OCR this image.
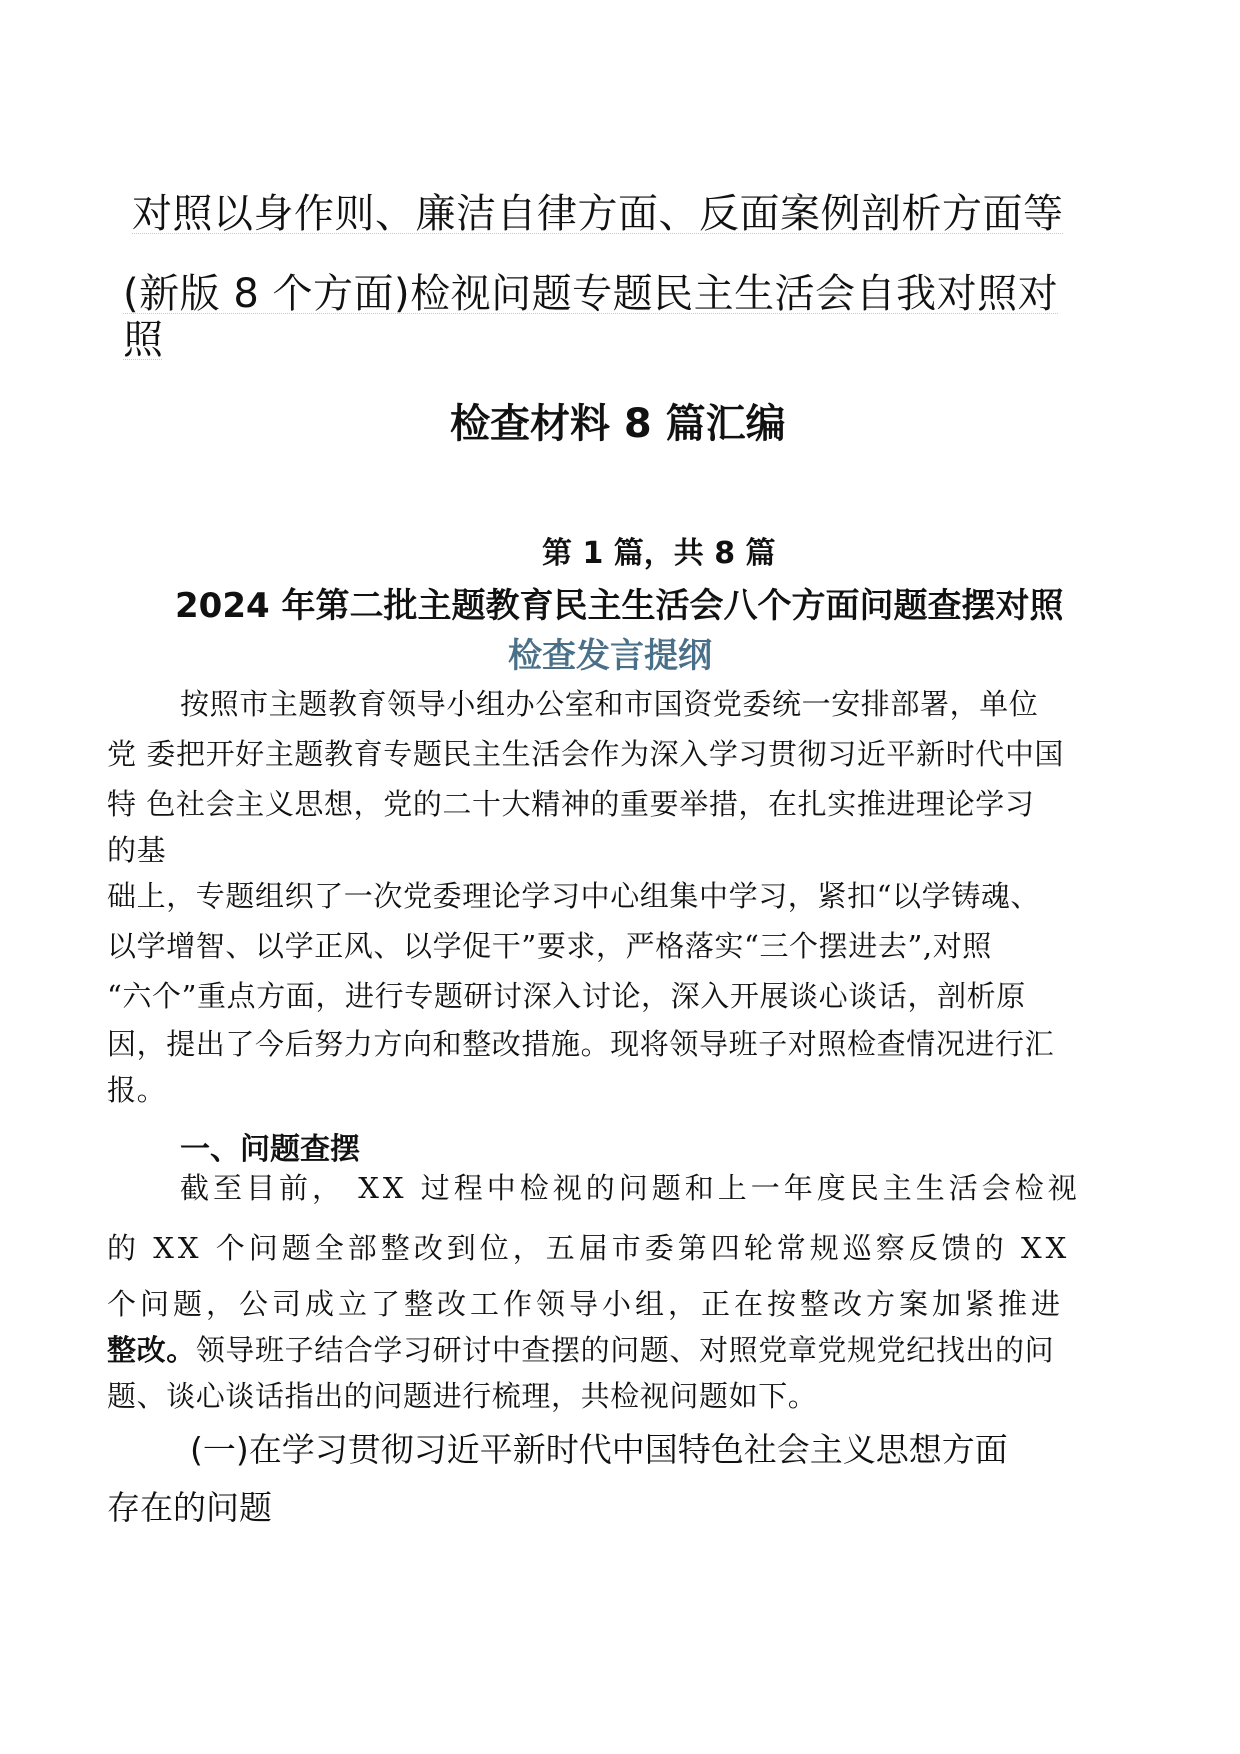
对照以身作则、廉洁自律方面、反面案例剖析方面等
(新版 8 个方面)检视问题专题民主生活会自我对照对
照
检查材料 8 篇汇编
第 1 篇，共 8 篇
2024 年第二批主题教育民主生活会八个方面问题查摆对照
检查发言提纲
按照市主题教育领导小组办公室和市国资党委统一安排部署，单位
党 委把开好主题教育专题民主生活会作为深入学习贯彻习近平新时代中国
特 色社会主义思想，党的二十大精神的重要举措，在扎实推进理论学习
的基
础上，专题组织了一次党委理论学习中心组集中学习，紧扣“以学铸魂、
以学增智、以学正风、以学促干”要求，严格落实“三个摆进去”,对照
“六个”重点方面，进行专题研讨深入讨论，深入开展谈心谈话，剖析原
因，提出了今后努力方向和整改措施。现将领导班子对照检查情况进行汇
报。
一、问题查摆
截至目前， XX 过程中检视的问题和上一年度民主生活会检视
的 XX 个问题全部整改到位，五届市委第四轮常规巡察反馈的 XX
个问题，公司成立了整改工作领导小组，正在按整改方案加紧推进
整改。领导班子结合学习研讨中查摆的问题、对照党章党规党纪找出的问
题、谈心谈话指出的问题进行梳理，共检视问题如下。
(一)在学习贯彻习近平新时代中国特色社会主义思想方面
存在的问题
